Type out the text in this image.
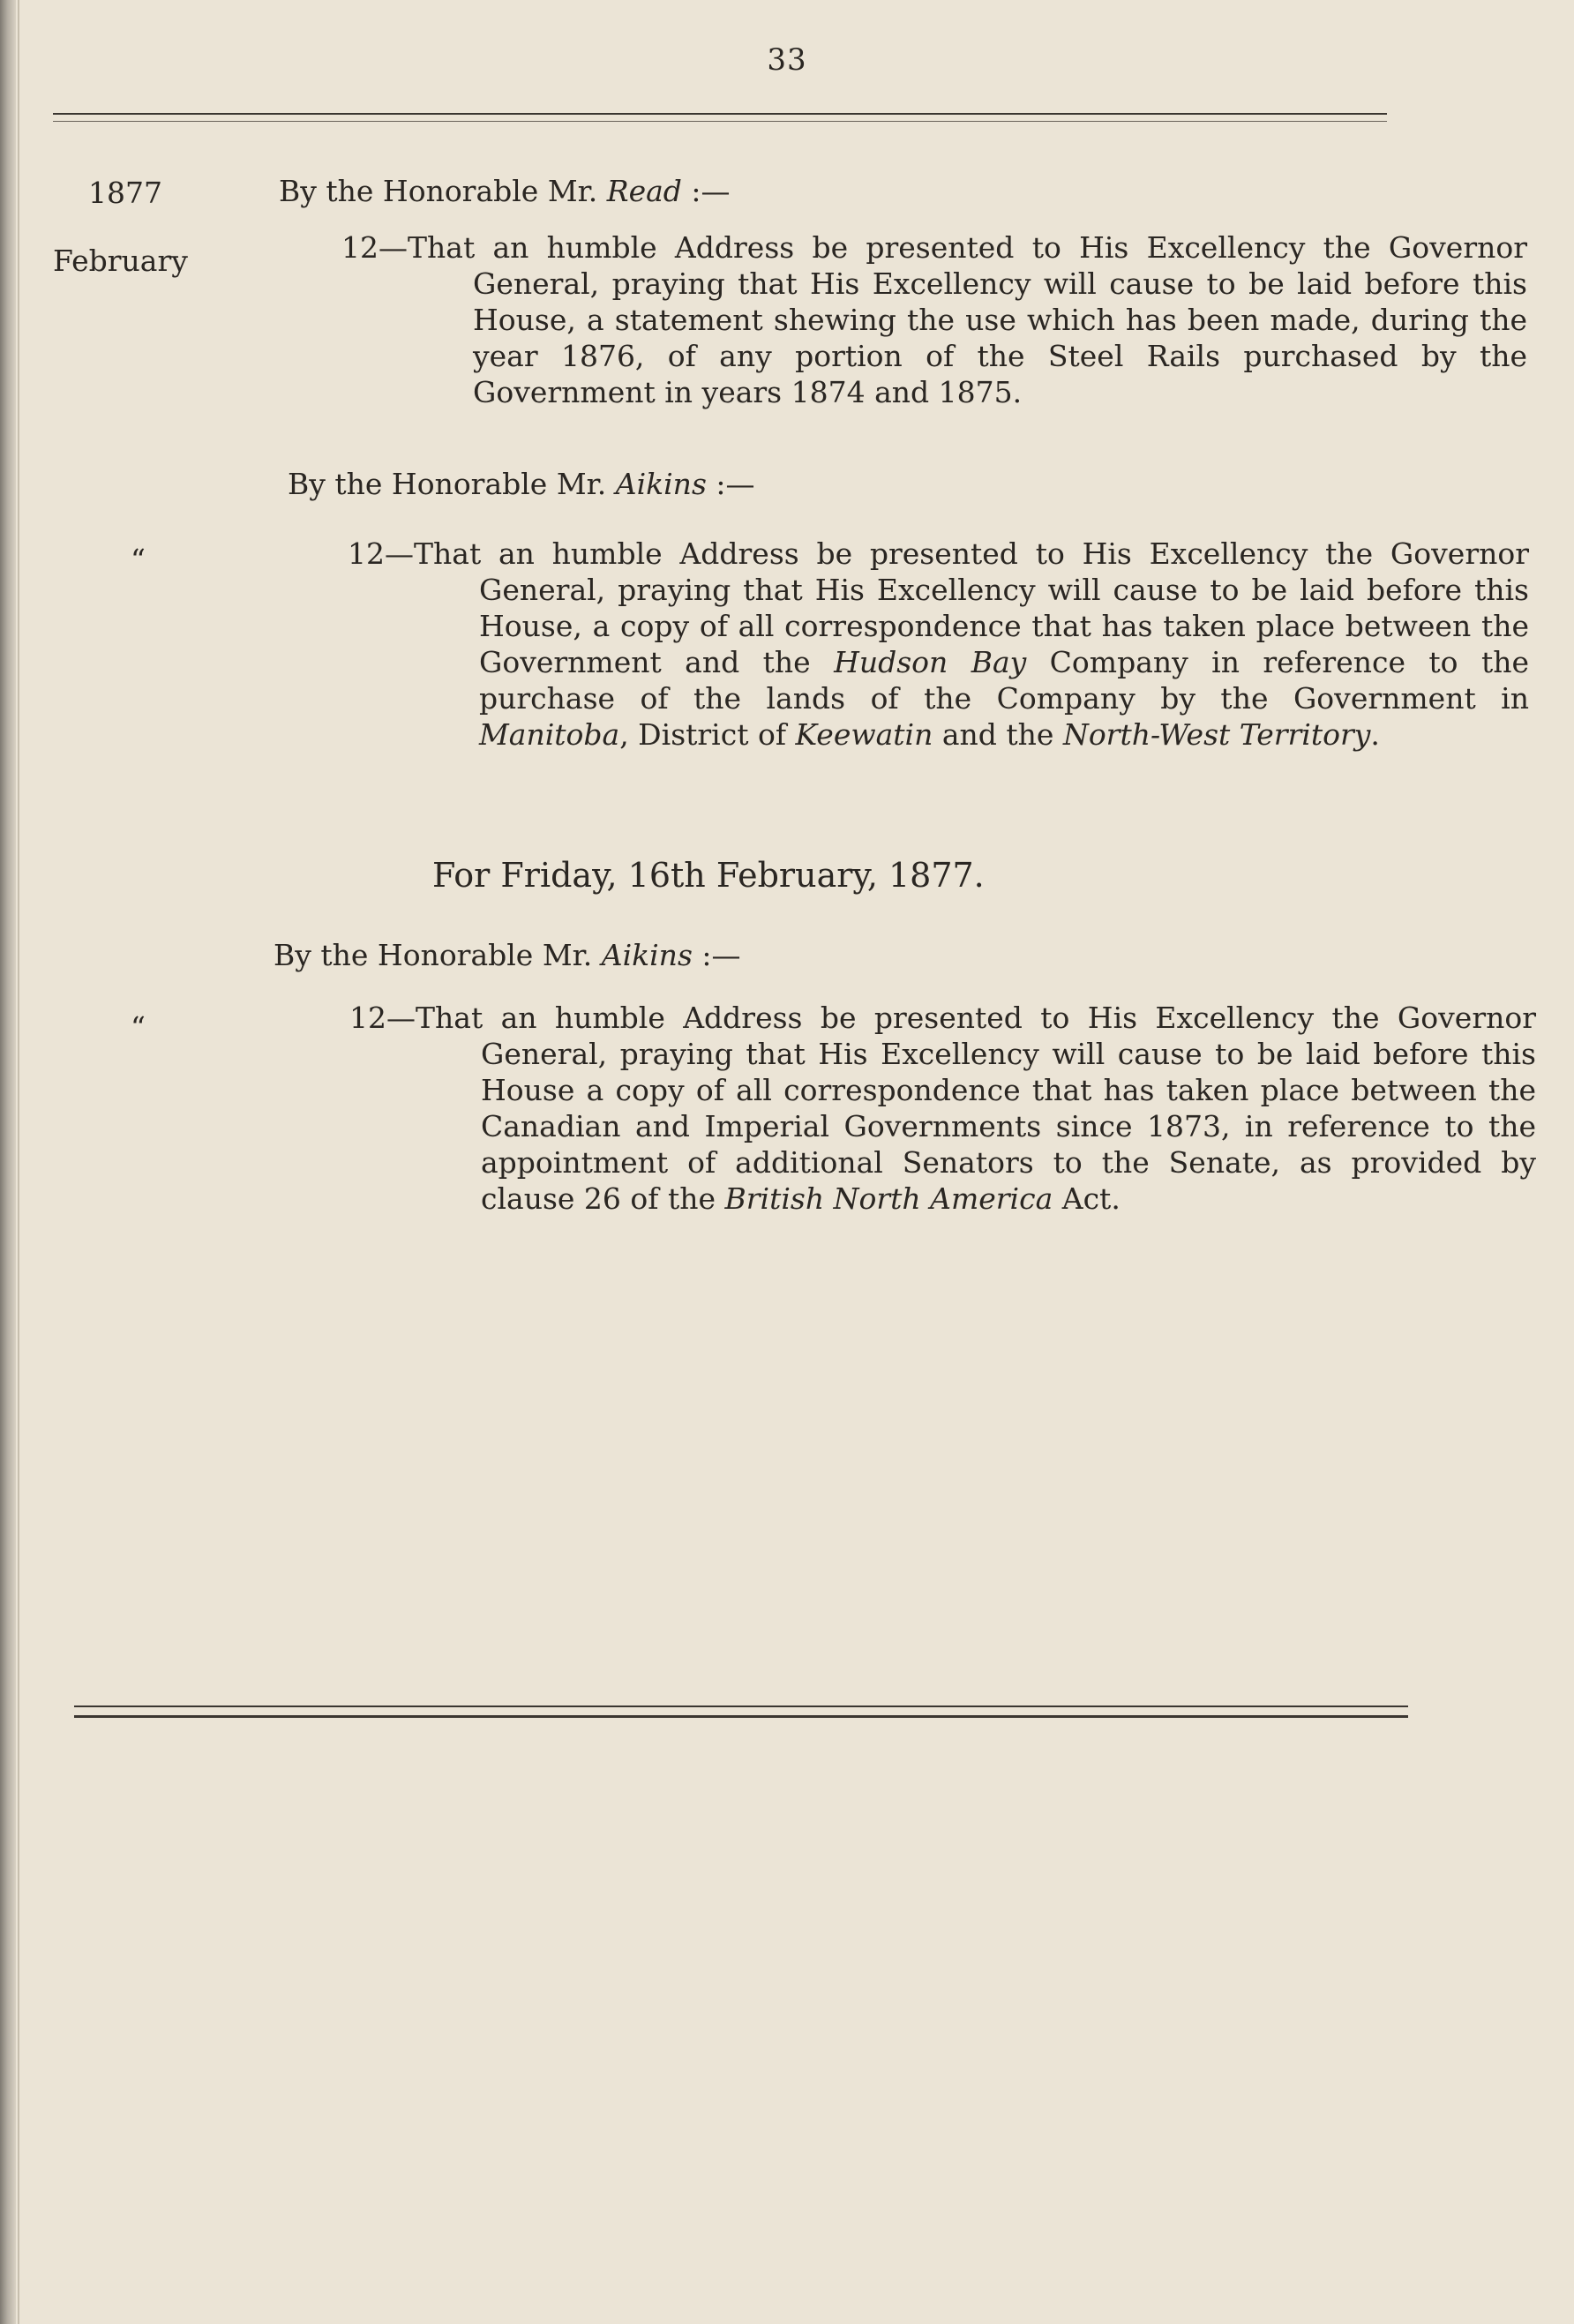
33
1877	By the Honorable Mr. Read :—
February	12—That an humble Address be presented to His Excellency the Governor General, praying that His Excellency will cause to be laid before this House, a statement shewing the use which has been made, during the year 1876, of any portion of the Steel Rails purchased by the Government in years 1874 and 1875.
By the Honorable Mr. Aikins :—
“	12—That an humble Address be presented to His Excellency the Governor General, praying that His Excellency will cause to be laid before this House, a copy of all correspondence that has taken place between the Government and the Hudson Bay Company in reference to the purchase of the lands of the Company by the Government in Manitoba, District of Keewatin and the North-West Territory.
For Friday, 16th February, 1877.
By the Honorable Mr. Aikins :—
“	12—That an humble Address be presented to His Excellency the Governor General, praying that His Excellency will cause to be laid before this House a copy of all correspondence that has taken place between the Canadian and Imperial Governments since 1873, in reference to the appointment of additional Senators to the Senate, as provided by clause 26 of the British North America Act.
